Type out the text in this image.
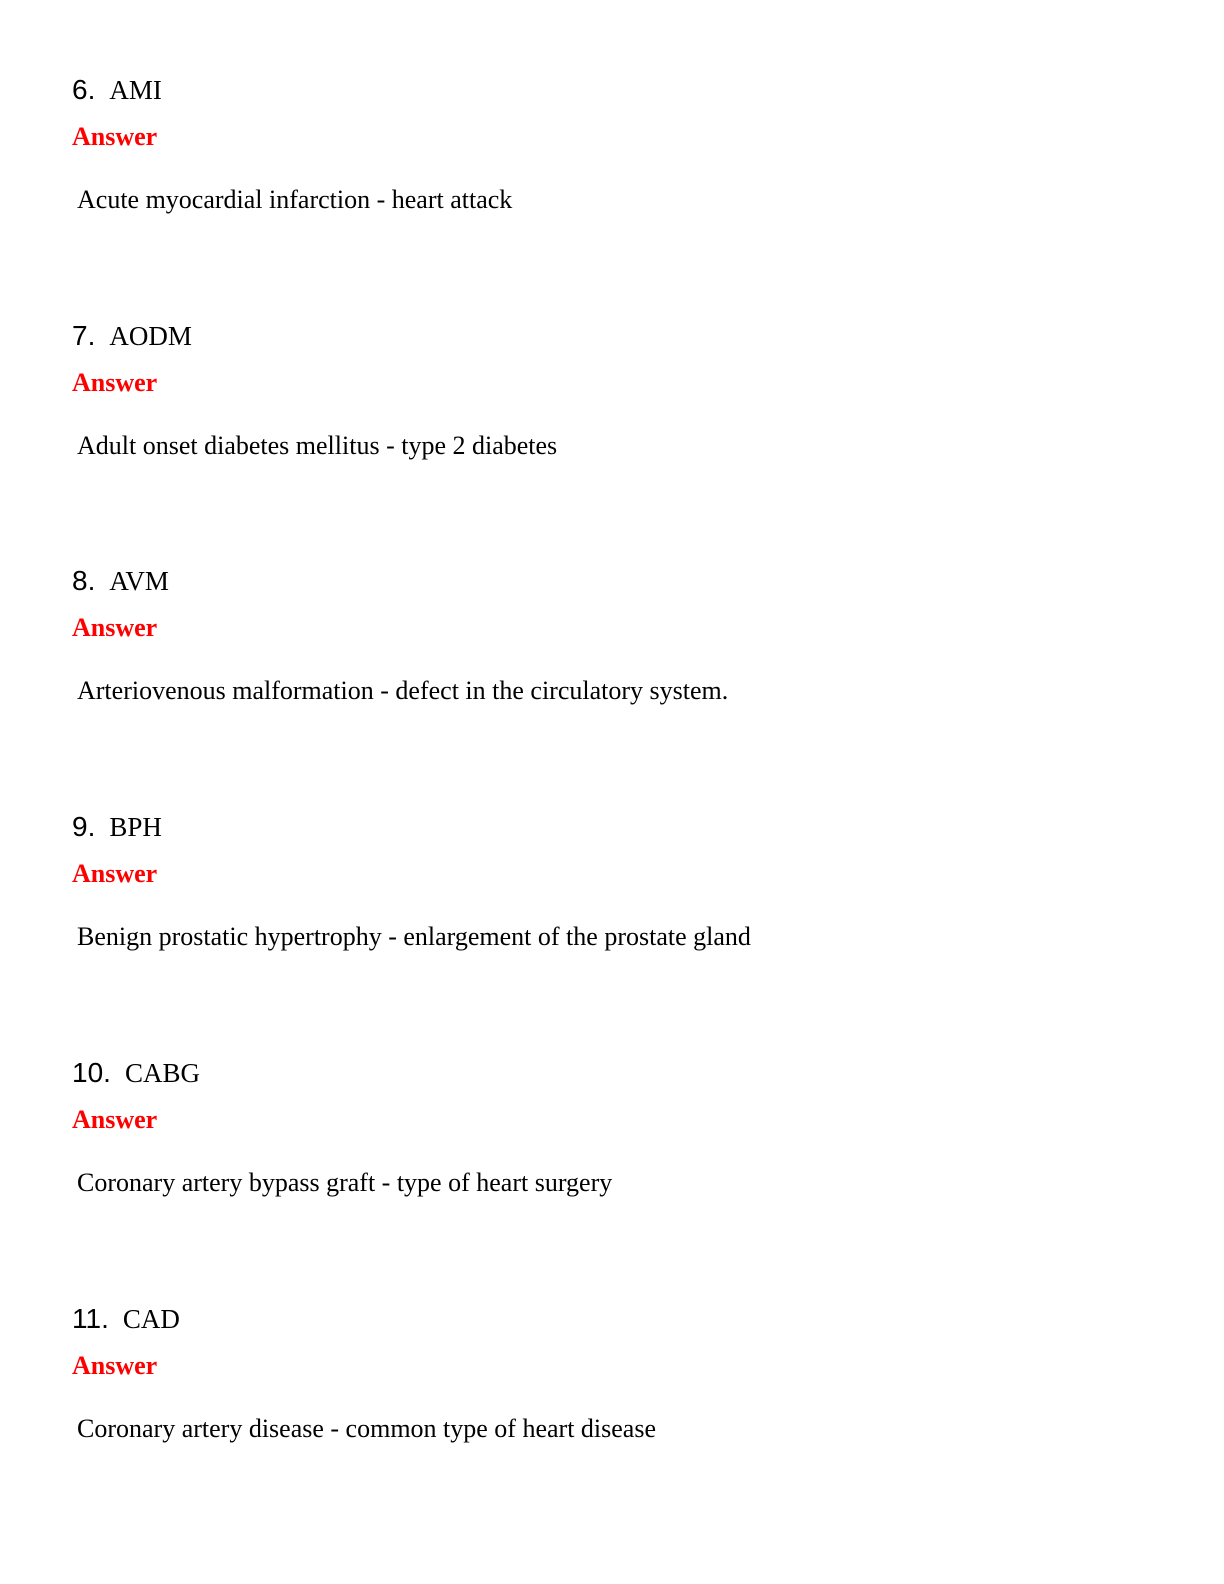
6. AMI
Answer
Acute myocardial infarction - heart attack
7. AODM
Answer
Adult onset diabetes mellitus - type 2 diabetes
8. AVM
Answer
Arteriovenous malformation - defect in the circulatory system.
9. BPH
Answer
Benign prostatic hypertrophy - enlargement of the prostate gland
10. CABG
Answer
Coronary artery bypass graft - type of heart surgery
11. CAD
Answer
Coronary artery disease - common type of heart disease
